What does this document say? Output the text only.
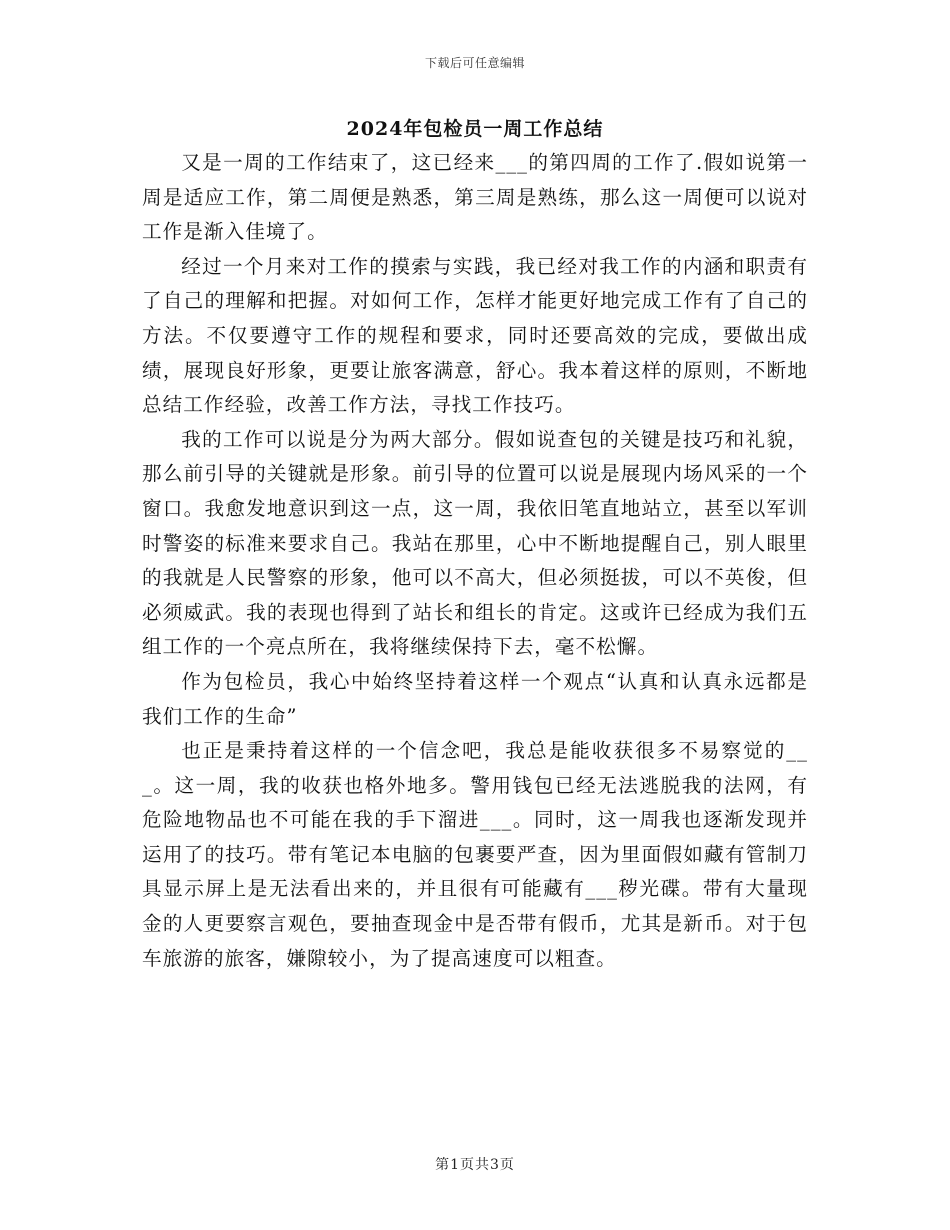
下载后可任意编辑
2024年包检员一周工作总结

又是一周的工作结束了，这已经来___的第四周的工作了.假如说第一周是适应工作，第二周便是熟悉，第三周是熟练，那么这一周便可以说对工作是渐入佳境了。

经过一个月来对工作的摸索与实践，我已经对我工作的内涵和职责有了自己的理解和把握。对如何工作，怎样才能更好地完成工作有了自己的方法。不仅要遵守工作的规程和要求，同时还要高效的完成，要做出成绩，展现良好形象，更要让旅客满意，舒心。我本着这样的原则，不断地总结工作经验，改善工作方法，寻找工作技巧。

我的工作可以说是分为两大部分。假如说查包的关键是技巧和礼貌，那么前引导的关键就是形象。前引导的位置可以说是展现内场风采的一个窗口。我愈发地意识到这一点，这一周，我依旧笔直地站立，甚至以军训时警姿的标准来要求自己。我站在那里，心中不断地提醒自己，别人眼里的我就是人民警察的形象，他可以不高大，但必须挺拔，可以不英俊，但必须威武。我的表现也得到了站长和组长的肯定。这或许已经成为我们五组工作的一个亮点所在，我将继续保持下去，毫不松懈。

作为包检员，我心中始终坚持着这样一个观点“认真和认真永远都是我们工作的生命”

也正是秉持着这样的一个信念吧，我总是能收获很多不易察觉的___。这一周，我的收获也格外地多。警用钱包已经无法逃脱我的法网，有危险地物品也不可能在我的手下溜进___。同时，这一周我也逐渐发现并运用了的技巧。带有笔记本电脑的包裹要严查，因为里面假如藏有管制刀具显示屏上是无法看出来的，并且很有可能藏有___秽光碟。带有大量现金的人更要察言观色，要抽查现金中是否带有假币，尤其是新币。对于包车旅游的旅客，嫌隙较小，为了提高速度可以粗查。

第1页共3页
